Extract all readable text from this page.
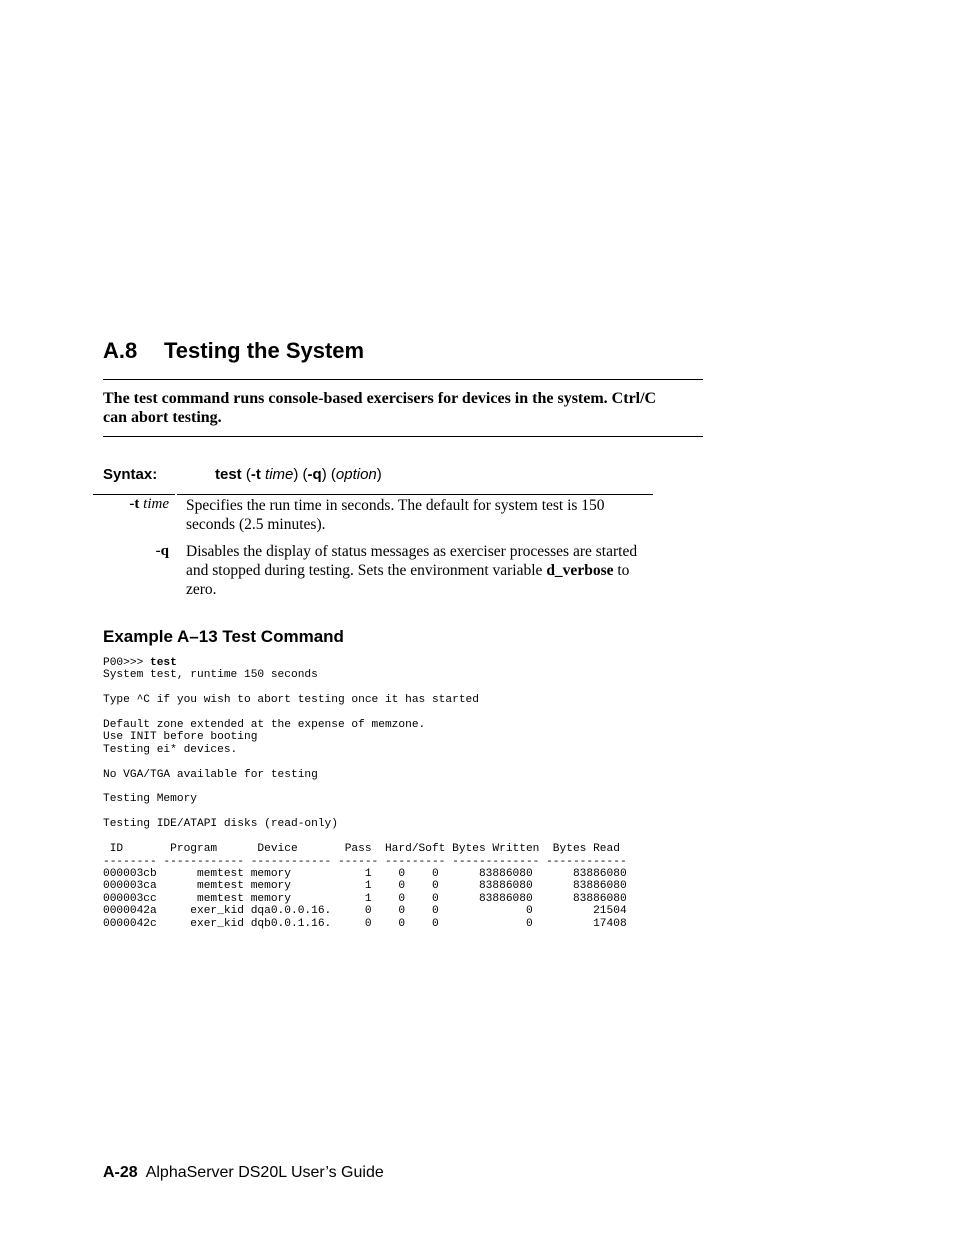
A.8 Testing the System
The test command runs console-based exercisers for devices in the system. Ctrl/C can abort testing.
Syntax:	test (-t time) (-q) (option)
-t time Specifies the run time in seconds. The default for system test is 150 seconds (2.5 minutes).
-q Disables the display of status messages as exerciser processes are started and stopped during testing. Sets the environment variable d_verbose to zero.
Example A–13 Test Command
P00>>> test
System test, runtime 150 seconds

Type ^C if you wish to abort testing once it has started

Default zone extended at the expense of memzone.
Use INIT before booting
Testing ei* devices.

No VGA/TGA available for testing

Testing Memory

Testing IDE/ATAPI disks (read-only)

ID       Program      Device       Pass  Hard/Soft Bytes Written  Bytes Read
-------- ------------ ------------ ------ --------- ------------- ------------
000003cb      memtest memory           1    0    0      83886080      83886080
000003ca      memtest memory           1    0    0      83886080      83886080
000003cc      memtest memory           1    0    0      83886080      83886080
0000042a     exer_kid dqa0.0.0.16.     0    0    0             0         21504
0000042c     exer_kid dqb0.0.1.16.     0    0    0             0         17408
A-28  AlphaServer DS20L User’s Guide
